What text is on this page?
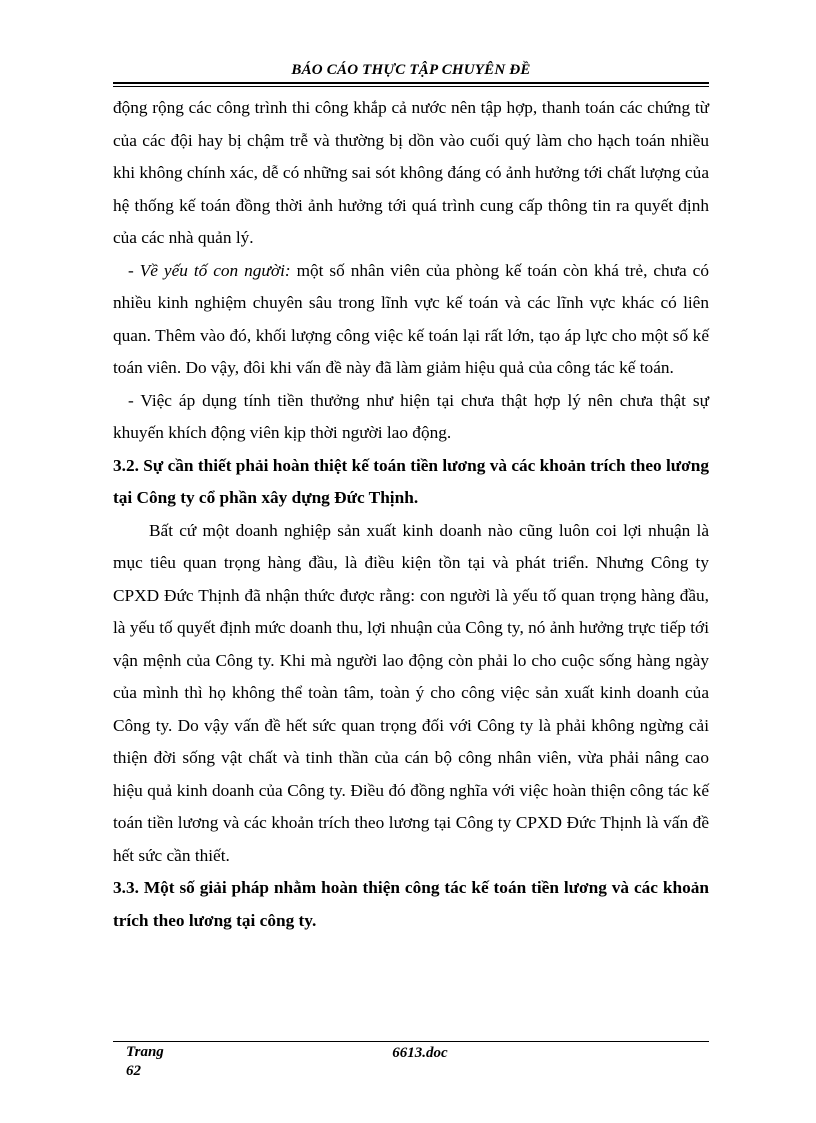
BÁO CÁO THỰC TẬP CHUYÊN ĐỀ

động rộng các công trình thi công khắp cả nước nên tập hợp, thanh toán các chứng từ của các đội hay bị chậm trễ và thường bị dồn vào cuối quý làm cho hạch toán nhiều khi không chính xác, dễ có những sai sót không đáng có ảnh hưởng tới chất lượng của hệ thống kế toán đồng thời ảnh hưởng tới quá trình cung cấp thông tin ra quyết định của các nhà quản lý.

- Về yếu tố con người: một số nhân viên của phòng kế toán còn khá trẻ, chưa có nhiều kinh nghiệm chuyên sâu trong lĩnh vực kế toán và các lĩnh vực khác có liên quan. Thêm vào đó, khối lượng công việc kế toán lại rất lớn, tạo áp lực cho một số kế toán viên. Do vậy, đôi khi vấn đề này đã làm giảm hiệu quả của công tác kế toán.

- Việc áp dụng tính tiền thưởng như hiện tại chưa thật hợp lý nên chưa thật sự khuyến khích động viên kịp thời người lao động.

3.2. Sự cần thiết phải hoàn thiệt kế toán tiền lương và các khoản trích theo lương tại Công ty cổ phần xây dựng Đức Thịnh.

Bất cứ một doanh nghiệp sản xuất kinh doanh nào cũng luôn coi lợi nhuận là mục tiêu quan trọng hàng đầu, là điều kiện tồn tại và phát triển. Nhưng Công ty CPXD Đức Thịnh đã nhận thức được rằng: con người là yếu tố quan trọng hàng đầu, là yếu tố quyết định mức doanh thu, lợi nhuận của Công ty, nó ảnh hưởng trực tiếp tới vận mệnh của Công ty. Khi mà người lao động còn phải lo cho cuộc sống hàng ngày của mình thì họ không thể toàn tâm, toàn ý cho công việc sản xuất kinh doanh của Công ty. Do vậy vấn đề hết sức quan trọng đối với Công ty là phải không ngừng cải thiện đời sống vật chất và tinh thần của cán bộ công nhân viên, vừa phải nâng cao hiệu quả kinh doanh của Công ty. Điều đó đồng nghĩa với việc hoàn thiện công tác kế toán tiền lương và các khoản trích theo lương tại Công ty CPXD Đức Thịnh là vấn đề hết sức cần thiết.

3.3. Một số giải pháp nhằm hoàn thiện công tác kế toán tiền lương và các khoản trích theo lương tại công ty.

Trang
62
6613.doc
